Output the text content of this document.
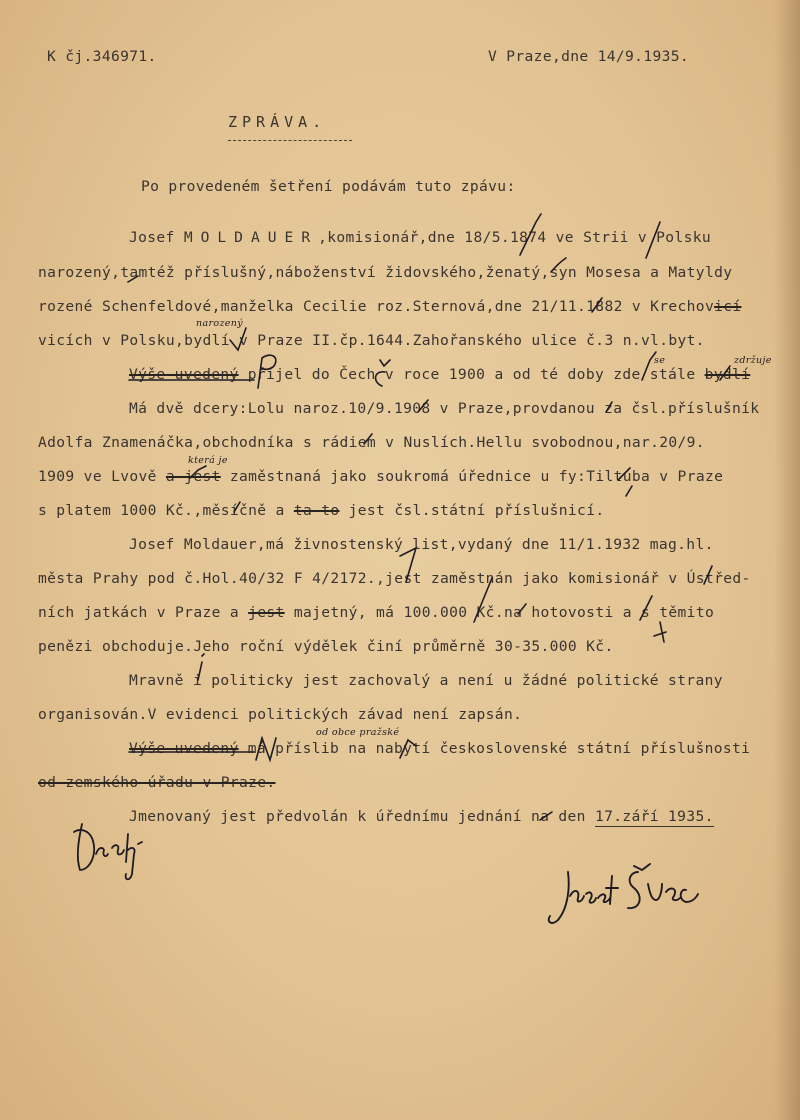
K čj.346971.	V Praze,dne 14/9.1935.
ZPRÁVA.
Po provedeném šetření podávám tuto zpávu:
Josef MOLDAUER,komisionář,dne 18/5.1874 ve Strii v Polsku
narozený,tamtéž příslušný,náboženství židovského,ženatý,syn Mosesa a Matyldy
rozené Schenfeldové,manželka Cecilie roz.Sternová,dne 21/11.1882 v Krechovicí
vicích v Polsku,bydlí v Praze II.čp.1644.Zahořanského ulice č.3 n.vl.byt.
Výše uvedený přijel do Čech v roce 1900 a od té doby zde stále bydlí
Má dvě dcery:Lolu naroz.10/9.1908 v Praze,provdanou za čsl.příslušník
Adolfa Znamenáčka,obchodníka s rádiem v Nuslích.Hellu svobodnou,nar.20/9.
1909 ve Lvově a jest zaměstnaná jako soukromá úřednice u fy:Tiltuba v Praze
s platem 1000 Kč.,měsíčně a ta to jest čsl.státní příslušnicí.
Josef Moldauer,má živnostenský list,vydaný dne 11/1.1932 mag.hl.
města Prahy pod č.Hol.40/32 F 4/2172.,jest zaměstnán jako komisionář v Ústřed-
ních jatkách v Praze a jest majetný, má 100.000 Kč.na hotovosti a s těmito
penězi obchoduje.Jeho roční výdělek činí průměrně 30-35.000 Kč.
Mravně i politicky jest zachovalý a není u žádné politické strany
organisován.V evidenci politických závad není zapsán.
Výše uvedený má příslib na nabytí československé státní příslušnosti
od zemského úřadu v Praze.
Jmenovaný jest předvolán k úřednímu jednání na den 17.září 1935.
narozený
se	zdržuje
která je
od obce pražské
